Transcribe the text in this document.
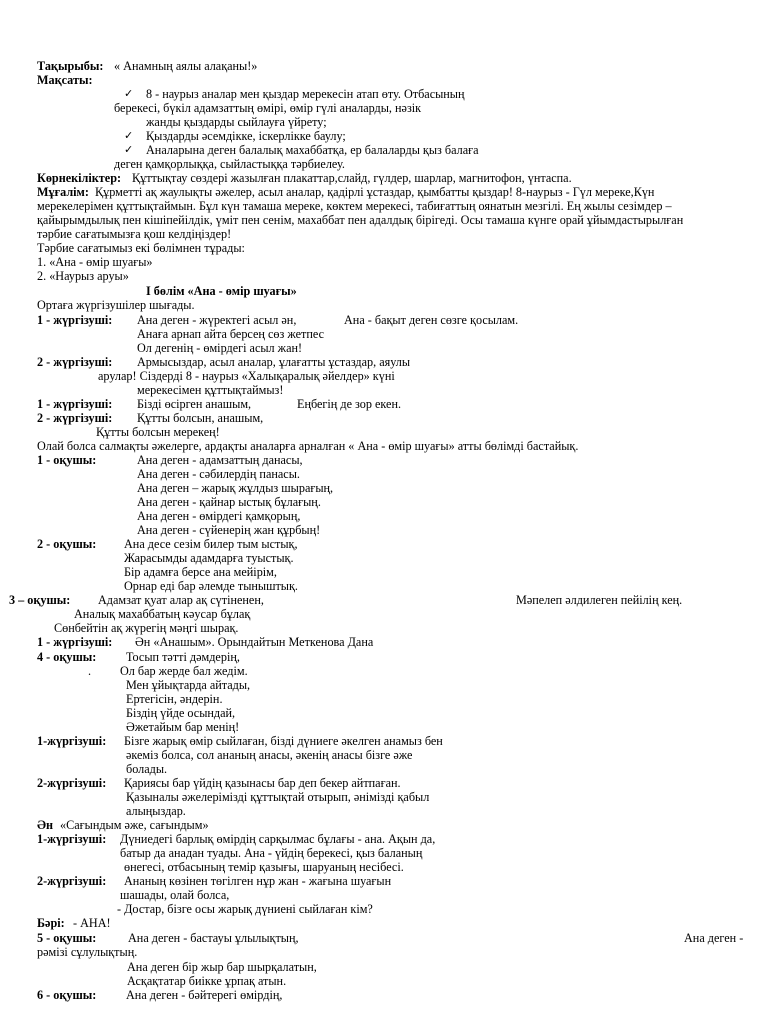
Тақырыбы: « Анамның аялы алақаны!»
Мақсаты:
✓ 8 - наурыз аналар мен қыздар мерекесін атап өту. Отбасының
берекесі, бүкіл адамзаттың өмірі, өмір гүлі аналарды, нәзік
жанды қыздарды сыйлауға үйрету;
✓ Қыздарды әсемдікке, іскерлікке баулу;
✓ Аналарына деген балалық махаббатқа, ер балаларды қыз балаға
деген қамқорлыққа, сыйластыққа тәрбиелеу.
Көрнекіліктер: Құттықтау сөздері жазылған плакаттар,слайд, гүлдер, шарлар, магнитофон, үнтаспа.
Мұғалім: Құрметті ақ жаулықты әжелер, асыл аналар, қадірлі ұстаздар, қымбатты қыздар! 8-наурыз - Гүл мереке,Күн
мерекелерімен құттықтаймын. Бұл күн тамаша мереке, көктем мерекесі, табиғаттың оянатын мезгілі. Ең жылы сезімдер –
қайырымдылық пен кішіпейілдік, үміт пен сенім, махаббат пен адалдық бірігеді. Осы тамаша күнге орай ұйымдастырылған
тәрбие сағатымызға қош келдіңіздер!
Тәрбие сағатымыз екі бөлімнен тұрады:
1. «Ана - өмір шуағы»
2. «Наурыз аруы»
І бөлім «Ана - өмір шуағы»
Ортаға жүргізушілер шығады.
1 - жүргізуші: Ана деген - жүректегі асыл ән,	Ана - бақыт деген сөзге қосылам.
Анаға арнап айта берсең сөз жетпес
Ол дегенің - өмірдегі асыл жан!
2 - жүргізуші: Армысыздар, асыл аналар, ұлағатты ұстаздар, аяулы
арулар! Сіздерді 8 - наурыз «Халықаралық әйелдер» күні
мерекесімен құттықтаймыз!
1 - жүргізуші: Бізді өсірген анашым,	Еңбегің де зор екен.
2 - жүргізуші: Құтты болсын, анашым,
Құтты болсын мерекең!
Олай болса салмақты әжелерге, ардақты аналарға арналған « Ана - өмір шуағы» атты бөлімді бастайық.
1 - оқушы:	Ана деген - адамзаттың данасы,
Ана деген - сәбилердің панасы.
Ана деген – жарық жұлдыз шырағың,
Ана деген - қайнар ыстық бұлағың.
Ана деген - өмірдегі қамқорың,
Ана деген - сүйенерің жан құрбың!
2 - оқушы: Ана десе сезім билер тым ыстық,
Жарасымды адамдарға туыстық.
Бір адамға берсе ана мейірім,
Орнар еді бар әлемде тыныштық.
3 – оқушы: Адамзат қуат алар ақ сүтіненен,	Мәпелеп әлдилеген пейілің кең.
Аналық махаббатың кәусар бұлақ
Сөнбейтін ақ жүрегің мәңгі шырақ.
1 - жүргізуші: Ән «Анашым». Орындайтын Меткенова Дана
4 - оқушы: Тосып тәтті дәмдерің,
. Ол бар жерде бал жедім.
Мен ұйықтарда айтады,
Ертегісін, әндерін.
Біздің үйде осындай,
Әжетайым бар менің!
1-жүргізуші: Бізге жарық өмір сыйлаған, бізді дүниеге әкелген анамыз бен
әкеміз болса, сол ананың анасы, әкенің анасы бізге әже
болады.
2-жүргізуші: Қариясы бар үйдің қазынасы бар деп бекер айтпаған.
Қазыналы әжелерімізді құттықтай отырып, әнімізді қабыл
алыңыздар.
Ән «Сағындым әже, сағындым»
1-жүргізуші: Дүниедегі барлық өмірдің сарқылмас бұлағы - ана. Ақын да,
батыр да анадан туады. Ана - үйдің берекесі, қыз баланың
өнегесі, отбасының темір қазығы, шаруаның несібесі.
2-жүргізуші: Ананың көзінен төгілген нұр жан - жағына шуағын
шашады, олай болса,
- Достар, бізге осы жарық дүниені сыйлаған кім?
Бәрі: - АНА!
5 - оқушы:	Ана деген - бастауы ұлылықтың,	Ана деген -
рәмізі сұлулықтың.
Ана деген бір жыр бар шырқалатын,
Асқақтатар биікке ұрпақ атын.
6 - оқушы: Ана деген - бәйтерегі өмірдің,
